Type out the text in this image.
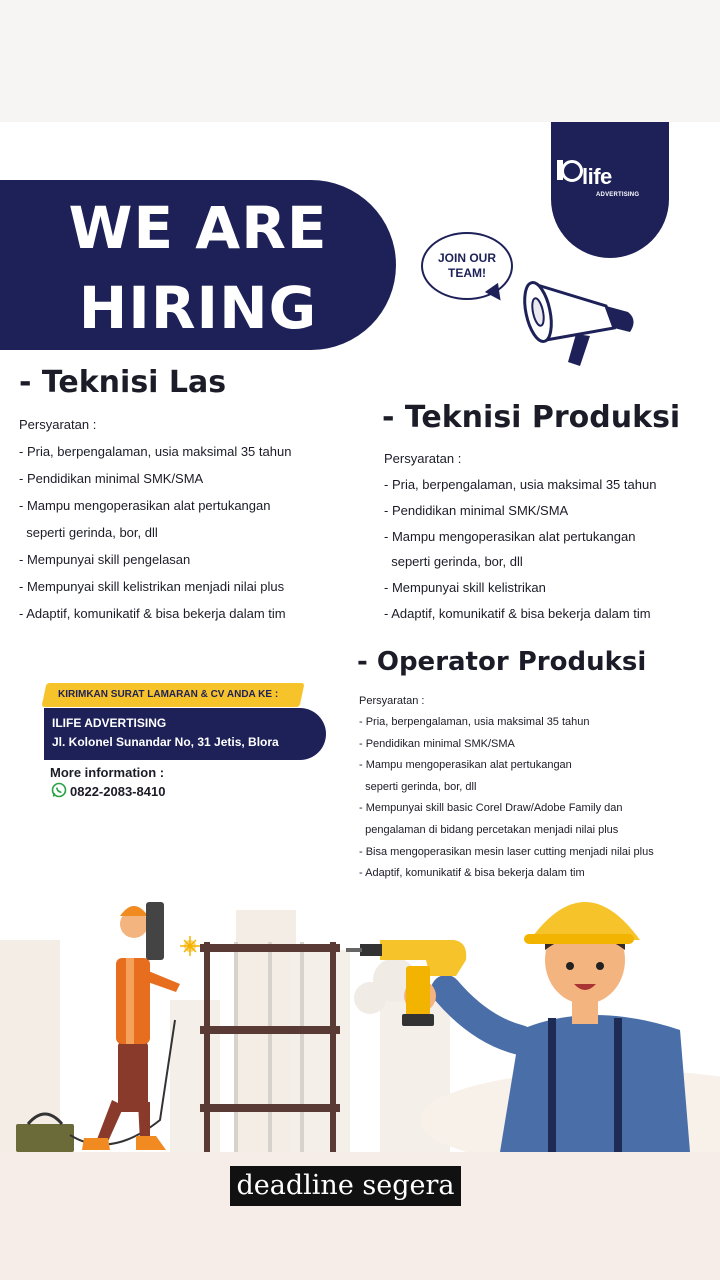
life
ADVERTISING
WE ARE
HIRING
JOIN OUR
TEAM!
- Teknisi Las
Persyaratan :
- Pria, berpengalaman, usia maksimal 35 tahun
- Pendidikan minimal SMK/SMA
- Mampu mengoperasikan alat pertukangan
seperti gerinda, bor, dll
- Mempunyai skill pengelasan
- Mempunyai skill kelistrikan menjadi nilai plus
- Adaptif, komunikatif & bisa bekerja dalam tim
- Teknisi Produksi
Persyaratan :
- Pria, berpengalaman, usia maksimal 35 tahun
- Pendidikan minimal SMK/SMA
- Mampu mengoperasikan alat pertukangan
seperti gerinda, bor, dll
- Mempunyai skill kelistrikan
- Adaptif, komunikatif & bisa bekerja dalam tim
KIRIMKAN SURAT LAMARAN & CV ANDA KE :
ILIFE ADVERTISING
Jl. Kolonel Sunandar No, 31 Jetis, Blora
More information :
0822-2083-8410
- Operator Produksi
Persyaratan :
- Pria, berpengalaman, usia maksimal 35 tahun
- Pendidikan minimal SMK/SMA
- Mampu mengoperasikan alat pertukangan
seperti gerinda, bor, dll
- Mempunyai skill basic Corel Draw/Adobe Family dan
pengalaman di bidang percetakan menjadi nilai plus
- Bisa mengoperasikan mesin laser cutting menjadi nilai plus
- Adaptif, komunikatif & bisa bekerja dalam tim
deadline segera
